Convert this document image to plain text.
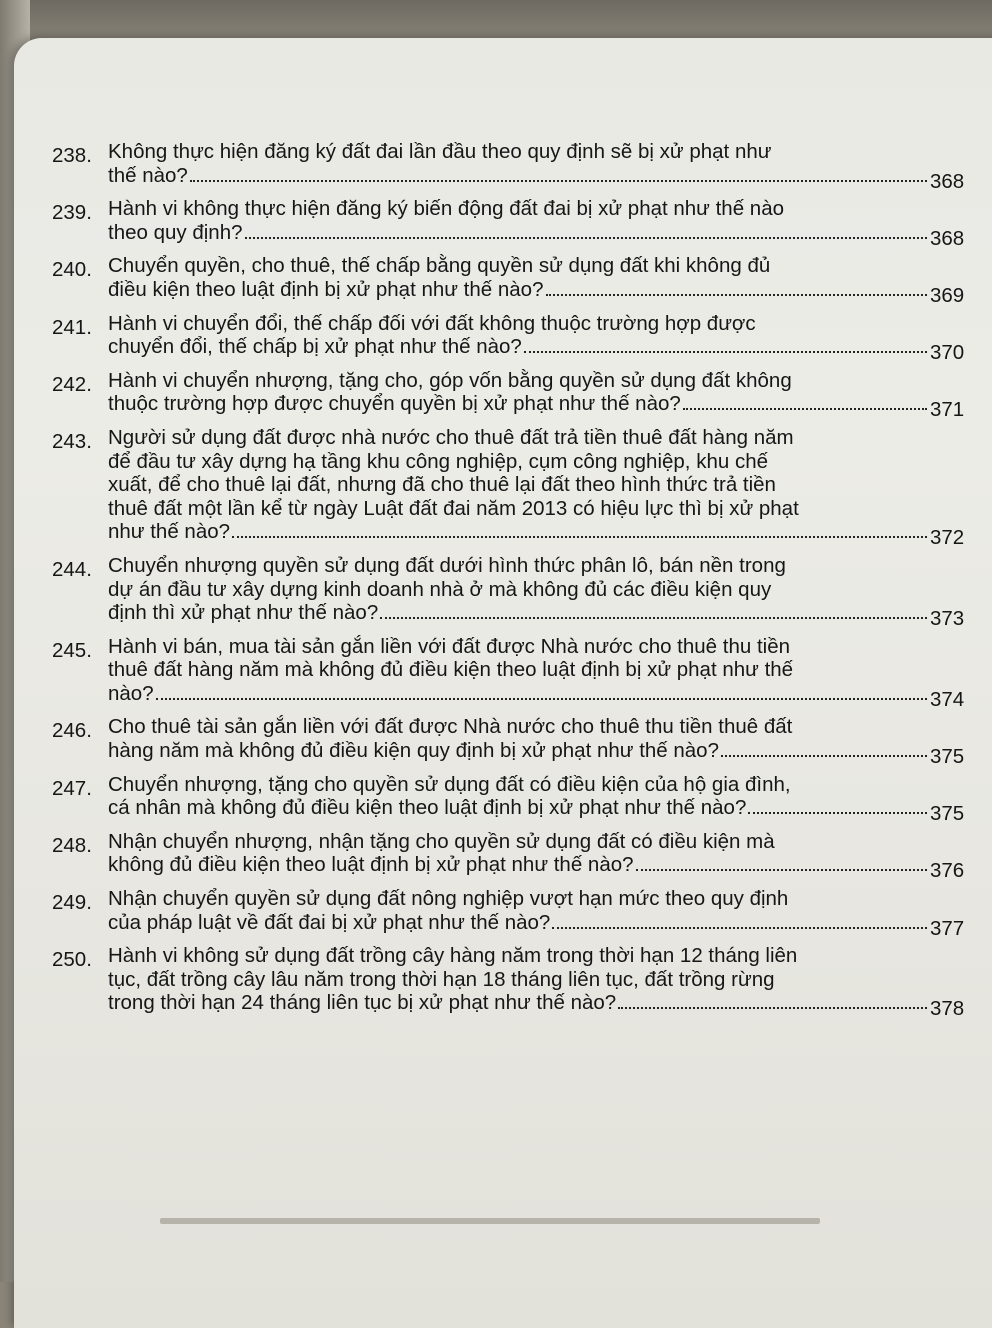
238. Không thực hiện đăng ký đất đai lần đầu theo quy định sẽ bị xử phạt như
thế nào?	368
239. Hành vi không thực hiện đăng ký biến động đất đai bị xử phạt như thế nào
theo quy định?	368
240. Chuyển quyền, cho thuê, thế chấp bằng quyền sử dụng đất khi không đủ
điều kiện theo luật định bị xử phạt như thế nào?	369
241. Hành vi chuyển đổi, thế chấp đối với đất không thuộc trường hợp được
chuyển đổi, thế chấp bị xử phạt như thế nào?	370
242. Hành vi chuyển nhượng, tặng cho, góp vốn bằng quyền sử dụng đất không
thuộc trường hợp được chuyển quyền bị xử phạt như thế nào?	371
243. Người sử dụng đất được nhà nước cho thuê đất trả tiền thuê đất hàng năm
để đầu tư xây dựng hạ tầng khu công nghiệp, cụm công nghiệp, khu chế
xuất, để cho thuê lại đất, nhưng đã cho thuê lại đất theo hình thức trả tiền
thuê đất một lần kể từ ngày Luật đất đai năm 2013 có hiệu lực thì bị xử phạt
như thế nào?	372
244. Chuyển nhượng quyền sử dụng đất dưới hình thức phân lô, bán nền trong
dự án đầu tư xây dựng kinh doanh nhà ở mà không đủ các điều kiện quy
định thì xử phạt như thế nào?	373
245. Hành vi bán, mua tài sản gắn liền với đất được Nhà nước cho thuê thu tiền
thuê đất hàng năm mà không đủ điều kiện theo luật định bị xử phạt như thế
nào?	374
246. Cho thuê tài sản gắn liền với đất được Nhà nước cho thuê thu tiền thuê đất
hàng năm mà không đủ điều kiện quy định bị xử phạt như thế nào?	375
247. Chuyển nhượng, tặng cho quyền sử dụng đất có điều kiện của hộ gia đình,
cá nhân mà không đủ điều kiện theo luật định bị xử phạt như thế nào?	375
248. Nhận chuyển nhượng, nhận tặng cho quyền sử dụng đất có điều kiện mà
không đủ điều kiện theo luật định bị xử phạt như thế nào?	376
249. Nhận chuyển quyền sử dụng đất nông nghiệp vượt hạn mức theo quy định
của pháp luật về đất đai bị xử phạt như thế nào?	377
250. Hành vi không sử dụng đất trồng cây hàng năm trong thời hạn 12 tháng liên
tục, đất trồng cây lâu năm trong thời hạn 18 tháng liên tục, đất trồng rừng
trong thời hạn 24 tháng liên tục bị xử phạt như thế nào?	378
